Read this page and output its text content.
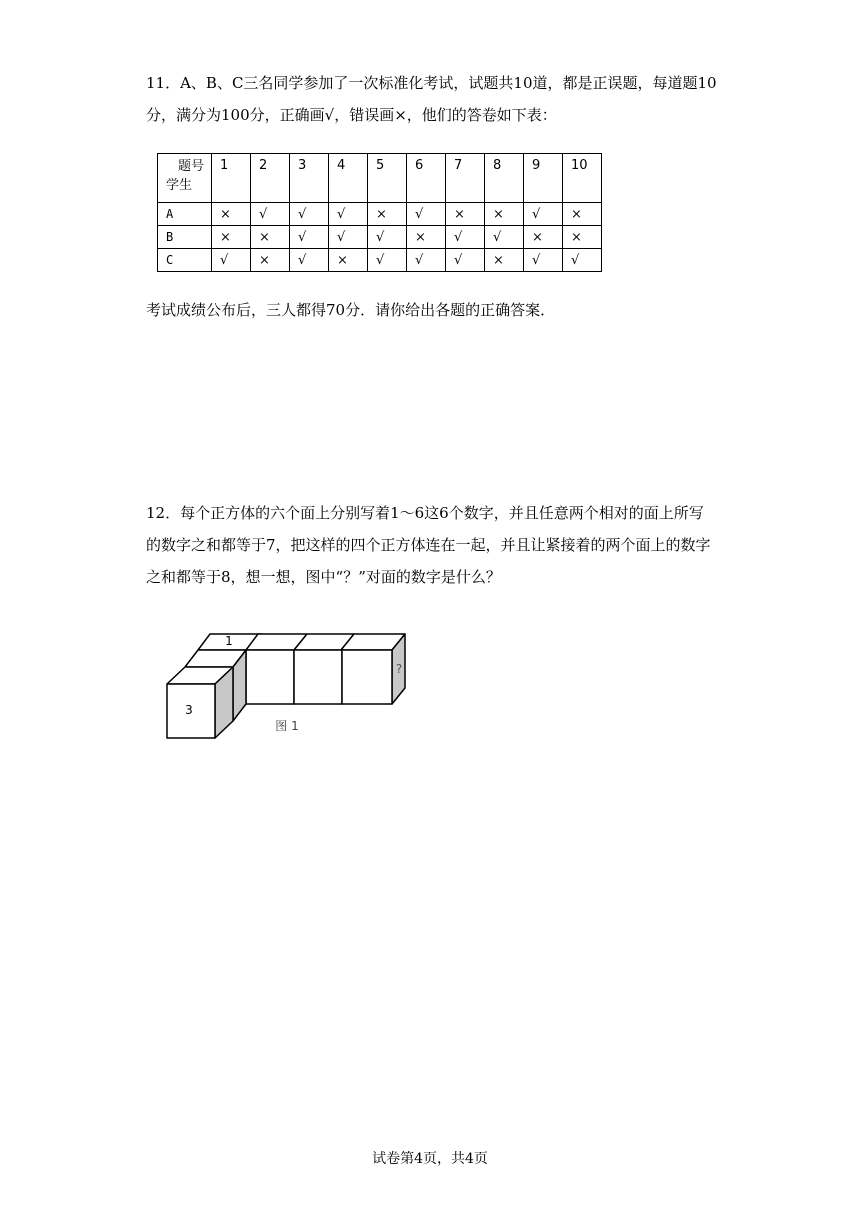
11．A、B、C三名同学参加了一次标准化考试，试题共10道，都是正误题，每道题10

分，满分为100分，正确画√，错误画×，他们的答卷如下表：

题号
学生	1	2	3	4	5	6	7	8	9	10
A	×	√	√	√	×	√	×	×	√	×
B	×	×	√	√	√	×	√	√	×	×
C	√	×	√	×	√	√	√	×	√	√

考试成绩公布后，三人都得70分．请你给出各题的正确答案．

12．每个正方体的六个面上分别写着1～6这6个数字，并且任意两个相对的面上所写

的数字之和都等于7，把这样的四个正方体连在一起，并且让紧接着的两个面上的数字

之和都等于8，想一想，图中“？”对面的数字是什么？

1
3
?
图 1
试卷第4页，共4页
